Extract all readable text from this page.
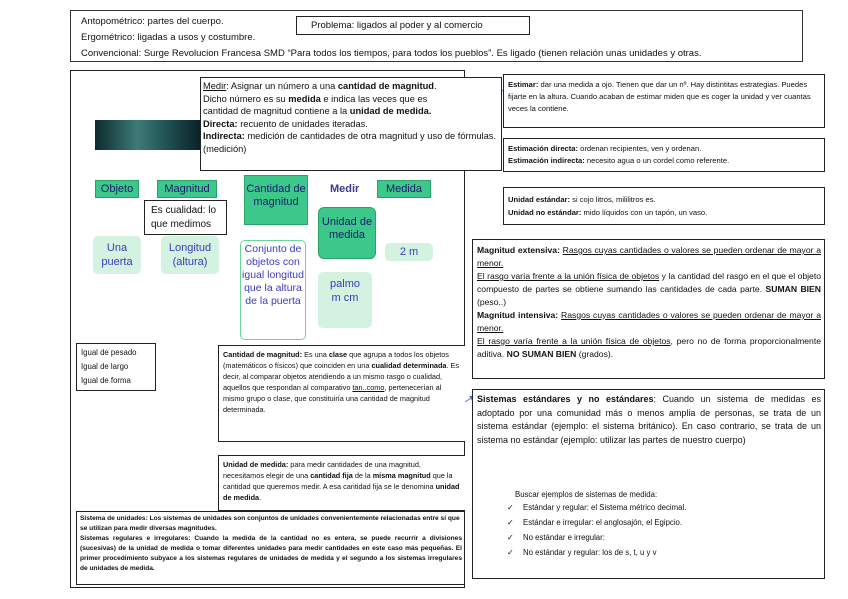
Antopométrico: partes del cuerpo.
Ergométrico: ligadas a usos y costumbre.
Convencional: Surge Revolucion Francesa SMD “Para todos los tiempos, para todos los pueblos”. Es ligado (tienen relación unas unidades y otras.
Problema: ligados al poder y al comercio
Medir: Asignar un número a una cantidad de magnitud.
Dicho número es su medida e indica las veces que es
cantidad de magnitud contiene a la unidad de medida.
Directa: recuento de unidades iteradas.
Indirecta: medición de cantidades de otra magnitud y uso de fórmulas. (medición)
Estimar: dar una medida a ojo. Tienen que dar un nº. Hay distintitas estrategias. Puedes fijarte en la altura. Cuando acaban de estimar miden que es coger la unidad y ver cuantas veces la contiene.
Estimación directa: ordenan recipientes, ven y ordenan.
Estimación indirecta: necesito agua o un cordel como referente.
Unidad estándar: si cojo litros, mililitros es.
Unidad no estándar: mido líquidos con un tapón, un vaso.
Magnitud extensiva: Rasgos cuyas cantidades o valores se pueden ordenar de mayor a menor.
El rasgo varía frente a la unión física de objetos y la cantidad del rasgo en el que el objeto compuesto de partes se obtiene sumando las cantidades de cada parte. SUMAN BIEN (peso..)
Magnitud intensiva: Rasgos cuyas cantidades o valores se pueden ordenar de mayor a menor.
El rasgo varía frente a la unión física de objetos, pero no de forma proporcionalmente aditiva. NO SUMAN BIEN (grados).
Sistemas estándares y no estándares: Cuando un sistema de medidas es adoptado por una comunidad más o menos amplia de personas, se trata de un sistema estándar (ejemplo: el sistema británico). En caso contrario, se trata de un sistema no estándar (ejemplo: utilizar las partes de nuestro cuerpo)
Buscar ejemplos de sistemas de medida:
✓ Estándar y regular: el Sistema métrico decimal.
✓ Estándar e irregular: el anglosajón, el Egipcio.
✓ No estándar e irregular:
✓ No estándar y regular: los de s, t, u y v
Objeto	Magnitud	Cantidad de magnitud
Medir	Medida
Unidad de medida
Es cualidad: lo que medimos
Una puerta
Longitud (altura)
Conjunto de objetos con igual longitud que la altura de la puerta
2 m
palmo m cm
Igual de pesado
Igual de largo
Igual de forma
Cantidad de magnitud: Es una clase que agrupa a todos los objetos (matemáticos o físicos) que coinciden en una cualidad determinada. Es decir, al comparar objetos atendiendo a un mismo rasgo o cualidad, aquellos que respondan al comparativo tan..como, pertenecerían al mismo grupo o clase, que constituiría una cantidad de magnitud determinada.
Unidad de medida: para medir cantidades de una magnitud, necesitamos elegir de una cantidad fija de la misma magnitud que la cantidad que queremos medir. A esa cantidad fija se le denomina unidad de medida.
Sistema de unidades: Los sistemas de unidades son conjuntos de unidades convenientemente relacionadas entre sí que se utilizan para medir diversas magnitudes.
Sistemas regulares e irregulares: Cuando la medida de la cantidad no es entera, se puede recurrir a divisiones (sucesivas) de la unidad de medida o tomar diferentes unidades para medir cantidades en este caso más pequeñas. El primer procedimiento subyace a los sistemas regulares de unidades de medida y el segundo a los sistemas irregulares de unidades de medida.
